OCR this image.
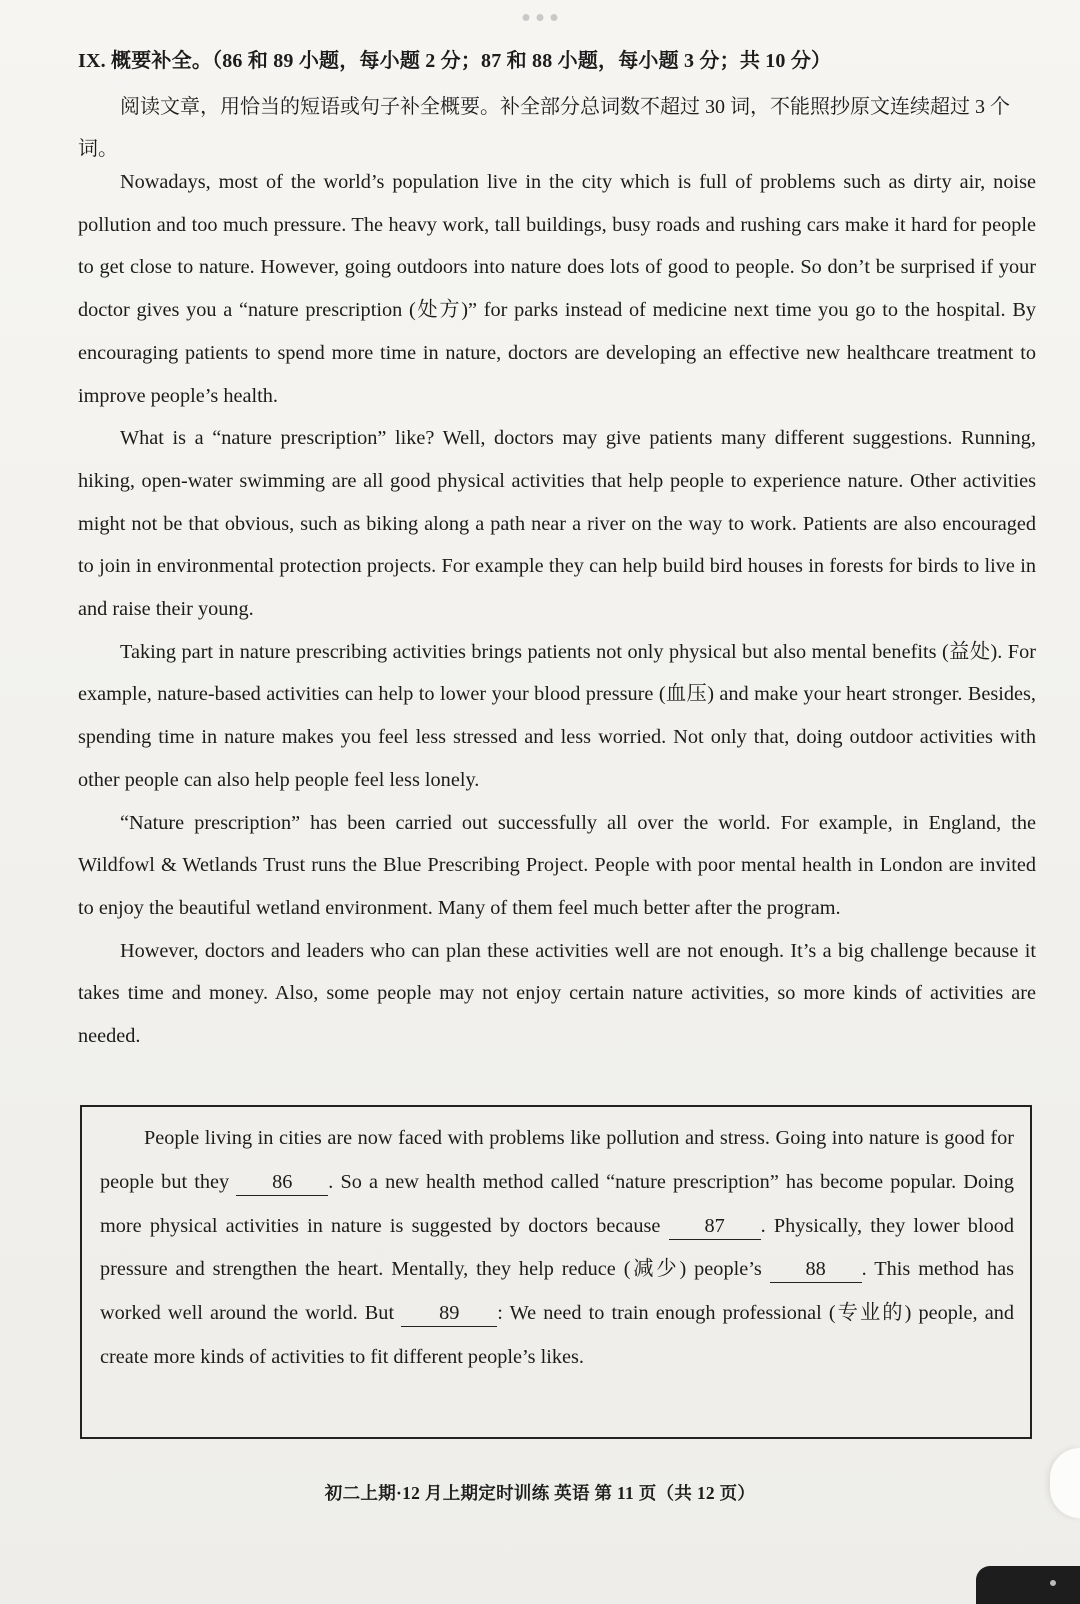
IX. 概要补全。（86 和 89 小题，每小题 2 分；87 和 88 小题，每小题 3 分；共 10 分）
阅读文章，用恰当的短语或句子补全概要。补全部分总词数不超过 30 词，不能照抄原文连续超过 3 个词。

Nowadays, most of the world’s population live in the city which is full of problems such as dirty air, noise pollution and too much pressure. The heavy work, tall buildings, busy roads and rushing cars make it hard for people to get close to nature. However, going outdoors into nature does lots of good to people. So don’t be surprised if your doctor gives you a “nature prescription (处方)” for parks instead of medicine next time you go to the hospital. By encouraging patients to spend more time in nature, doctors are developing an effective new healthcare treatment to improve people’s health.

What is a “nature prescription” like? Well, doctors may give patients many different suggestions. Running, hiking, open-water swimming are all good physical activities that help people to experience nature. Other activities might not be that obvious, such as biking along a path near a river on the way to work. Patients are also encouraged to join in environmental protection projects. For example they can help build bird houses in forests for birds to live in and raise their young.

Taking part in nature prescribing activities brings patients not only physical but also mental benefits (益处). For example, nature-based activities can help to lower your blood pressure (血压) and make your heart stronger. Besides, spending time in nature makes you feel less stressed and less worried. Not only that, doing outdoor activities with other people can also help people feel less lonely.

“Nature prescription” has been carried out successfully all over the world. For example, in England, the Wildfowl & Wetlands Trust runs the Blue Prescribing Project. People with poor mental health in London are invited to enjoy the beautiful wetland environment. Many of them feel much better after the program.

However, doctors and leaders who can plan these activities well are not enough. It’s a big challenge because it takes time and money. Also, some people may not enjoy certain nature activities, so more kinds of activities are needed.

People living in cities are now faced with problems like pollution and stress. Going into nature is good for people but they 86 . So a new health method called “nature prescription” has become popular. Doing more physical activities in nature is suggested by doctors because 87 . Physically, they lower blood pressure and strengthen the heart. Mentally, they help reduce (减少) people’s 88 . This method has worked well around the world. But 89 : We need to train enough professional (专业的) people, and create more kinds of activities to fit different people’s likes.
初二上期·12 月上期定时训练 英语 第 11 页（共 12 页）
